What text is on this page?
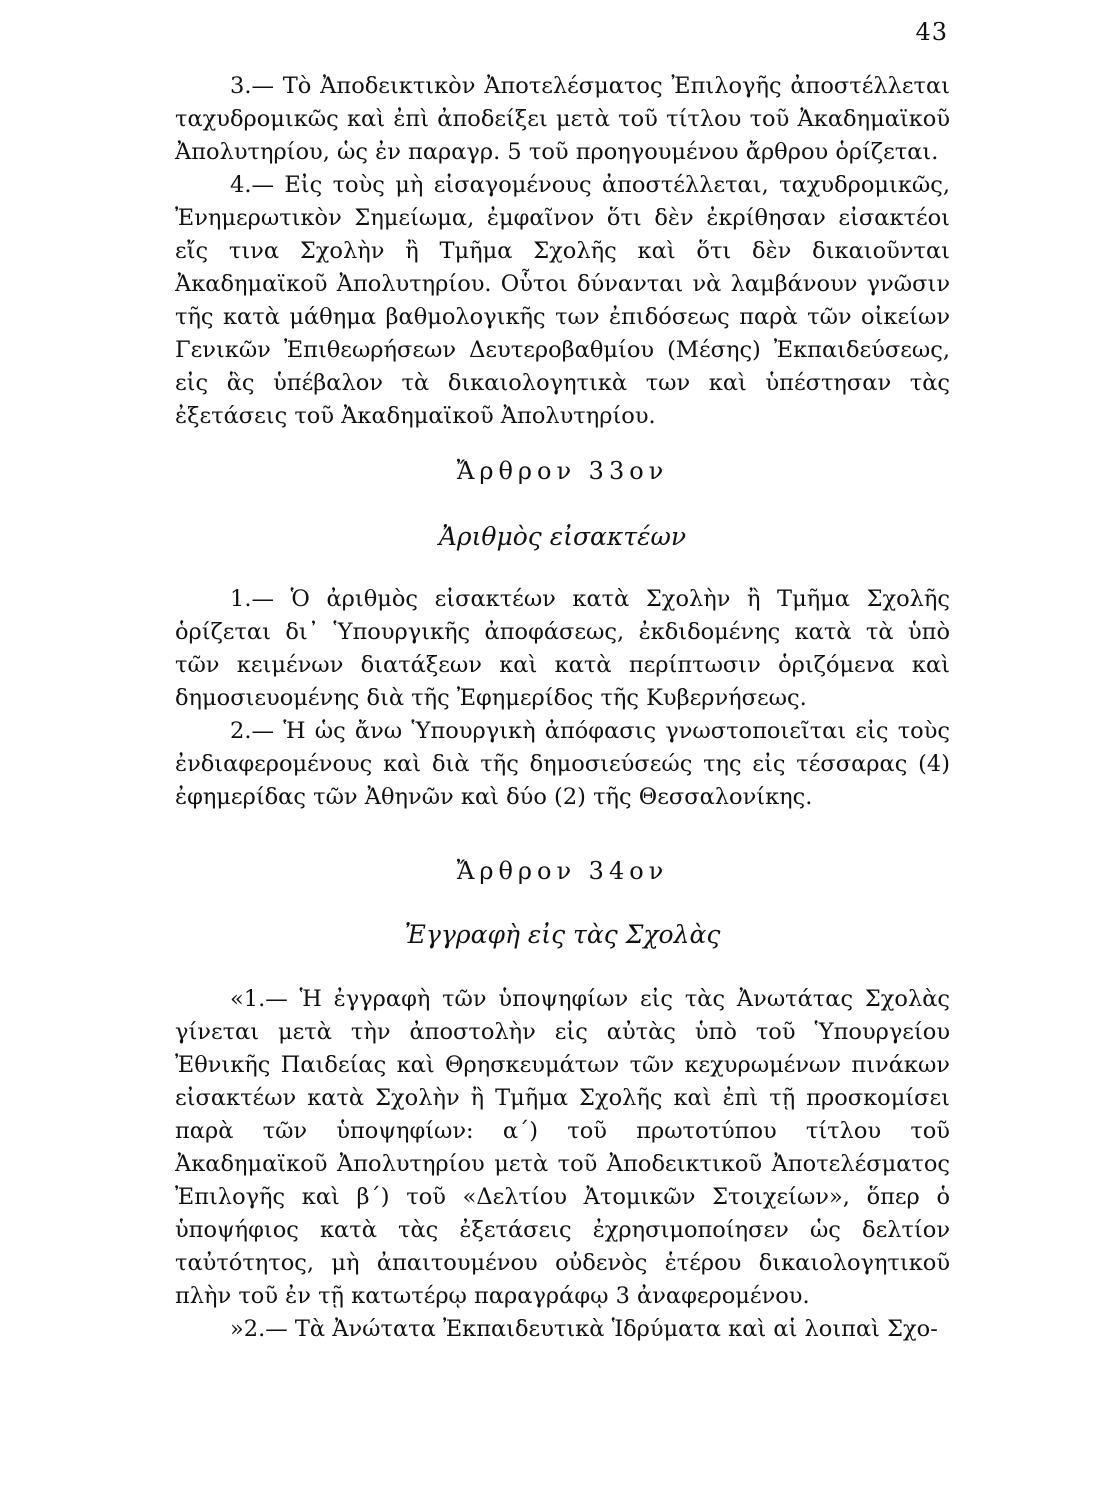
43

3.— Τὸ Ἀποδεικτικὸν Ἀποτελέσματος Ἐπιλογῆς ἀποστέλλεται ταχυδρομικῶς καὶ ἐπὶ ἀποδείξει μετὰ τοῦ τίτλου τοῦ Ἀκαδημαϊκοῦ Ἀπολυτηρίου, ὡς ἐν παραγρ. 5 τοῦ προηγουμένου ἄρθρου ὁρίζεται.

4.— Εἰς τοὺς μὴ εἰσαγομένους ἀποστέλλεται, ταχυδρομικῶς, Ἐνημερωτικὸν Σημείωμα, ἐμφαῖνον ὅτι δὲν ἐκρίθησαν εἰσακτέοι εἴς τινα Σχολὴν ἢ Τμῆμα Σχολῆς καὶ ὅτι δὲν δικαιοῦνται Ἀκαδημαϊκοῦ Ἀπολυτηρίου. Οὗτοι δύνανται νὰ λαμβάνουν γνῶσιν τῆς κατὰ μάθημα βαθμολογικῆς των ἐπιδόσεως παρὰ τῶν οἰκείων Γενικῶν Ἐπιθεωρήσεων Δευτεροβαθμίου (Μέσης) Ἐκπαιδεύσεως, εἰς ἃς ὑπέβαλον τὰ δικαιολογητικὰ των καὶ ὑπέστησαν τὰς ἐξετάσεις τοῦ Ἀκαδημαϊκοῦ Ἀπολυτηρίου.

Ἄρθρον 33ον

Ἀριθμὸς εἰσακτέων

1.— Ὁ ἀριθμὸς εἰσακτέων κατὰ Σχολὴν ἢ Τμῆμα Σχολῆς ὁρίζεται δι᾽ Ὑπουργικῆς ἀποφάσεως, ἐκδιδομένης κατὰ τὰ ὑπὸ τῶν κειμένων διατάξεων καὶ κατὰ περίπτωσιν ὁριζόμενα καὶ δημοσιευομένης διὰ τῆς Ἐφημερίδος τῆς Κυβερνήσεως.

2.— Ἡ ὡς ἄνω Ὑπουργικὴ ἀπόφασις γνωστοποιεῖται εἰς τοὺς ἐνδιαφερομένους καὶ διὰ τῆς δημοσιεύσεώς της εἰς τέσσαρας (4) ἐφημερίδας τῶν Ἀθηνῶν καὶ δύο (2) τῆς Θεσσαλονίκης.

Ἄρθρον 34ον

Ἐγγραφὴ εἰς τὰς Σχολὰς

«1.— Ἡ ἐγγραφὴ τῶν ὑποψηφίων εἰς τὰς Ἀνωτάτας Σχολὰς γίνεται μετὰ τὴν ἀποστολὴν εἰς αὐτὰς ὑπὸ τοῦ Ὑπουργείου Ἐθνικῆς Παιδείας καὶ Θρησκευμάτων τῶν κεχυρωμένων πινάκων εἰσακτέων κατὰ Σχολὴν ἢ Τμῆμα Σχολῆς καὶ ἐπὶ τῇ προσκομίσει παρὰ τῶν ὑποψηφίων: α΄) τοῦ πρωτοτύπου τίτλου τοῦ Ἀκαδημαϊκοῦ Ἀπολυτηρίου μετὰ τοῦ Ἀποδεικτικοῦ Ἀποτελέσματος Ἐπιλογῆς καὶ β΄) τοῦ «Δελτίου Ἀτομικῶν Στοιχείων», ὅπερ ὁ ὑποψήφιος κατὰ τὰς ἐξετάσεις ἐχρησιμοποίησεν ὡς δελτίον ταὐτότητος, μὴ ἀπαιτουμένου οὐδενὸς ἑτέρου δικαιολογητικοῦ πλὴν τοῦ ἐν τῇ κατωτέρῳ παραγράφῳ 3 ἀναφερομένου.

»2.— Τὰ Ἀνώτατα Ἐκπαιδευτικὰ Ἱδρύματα καὶ αἱ λοιπαὶ Σχο-
